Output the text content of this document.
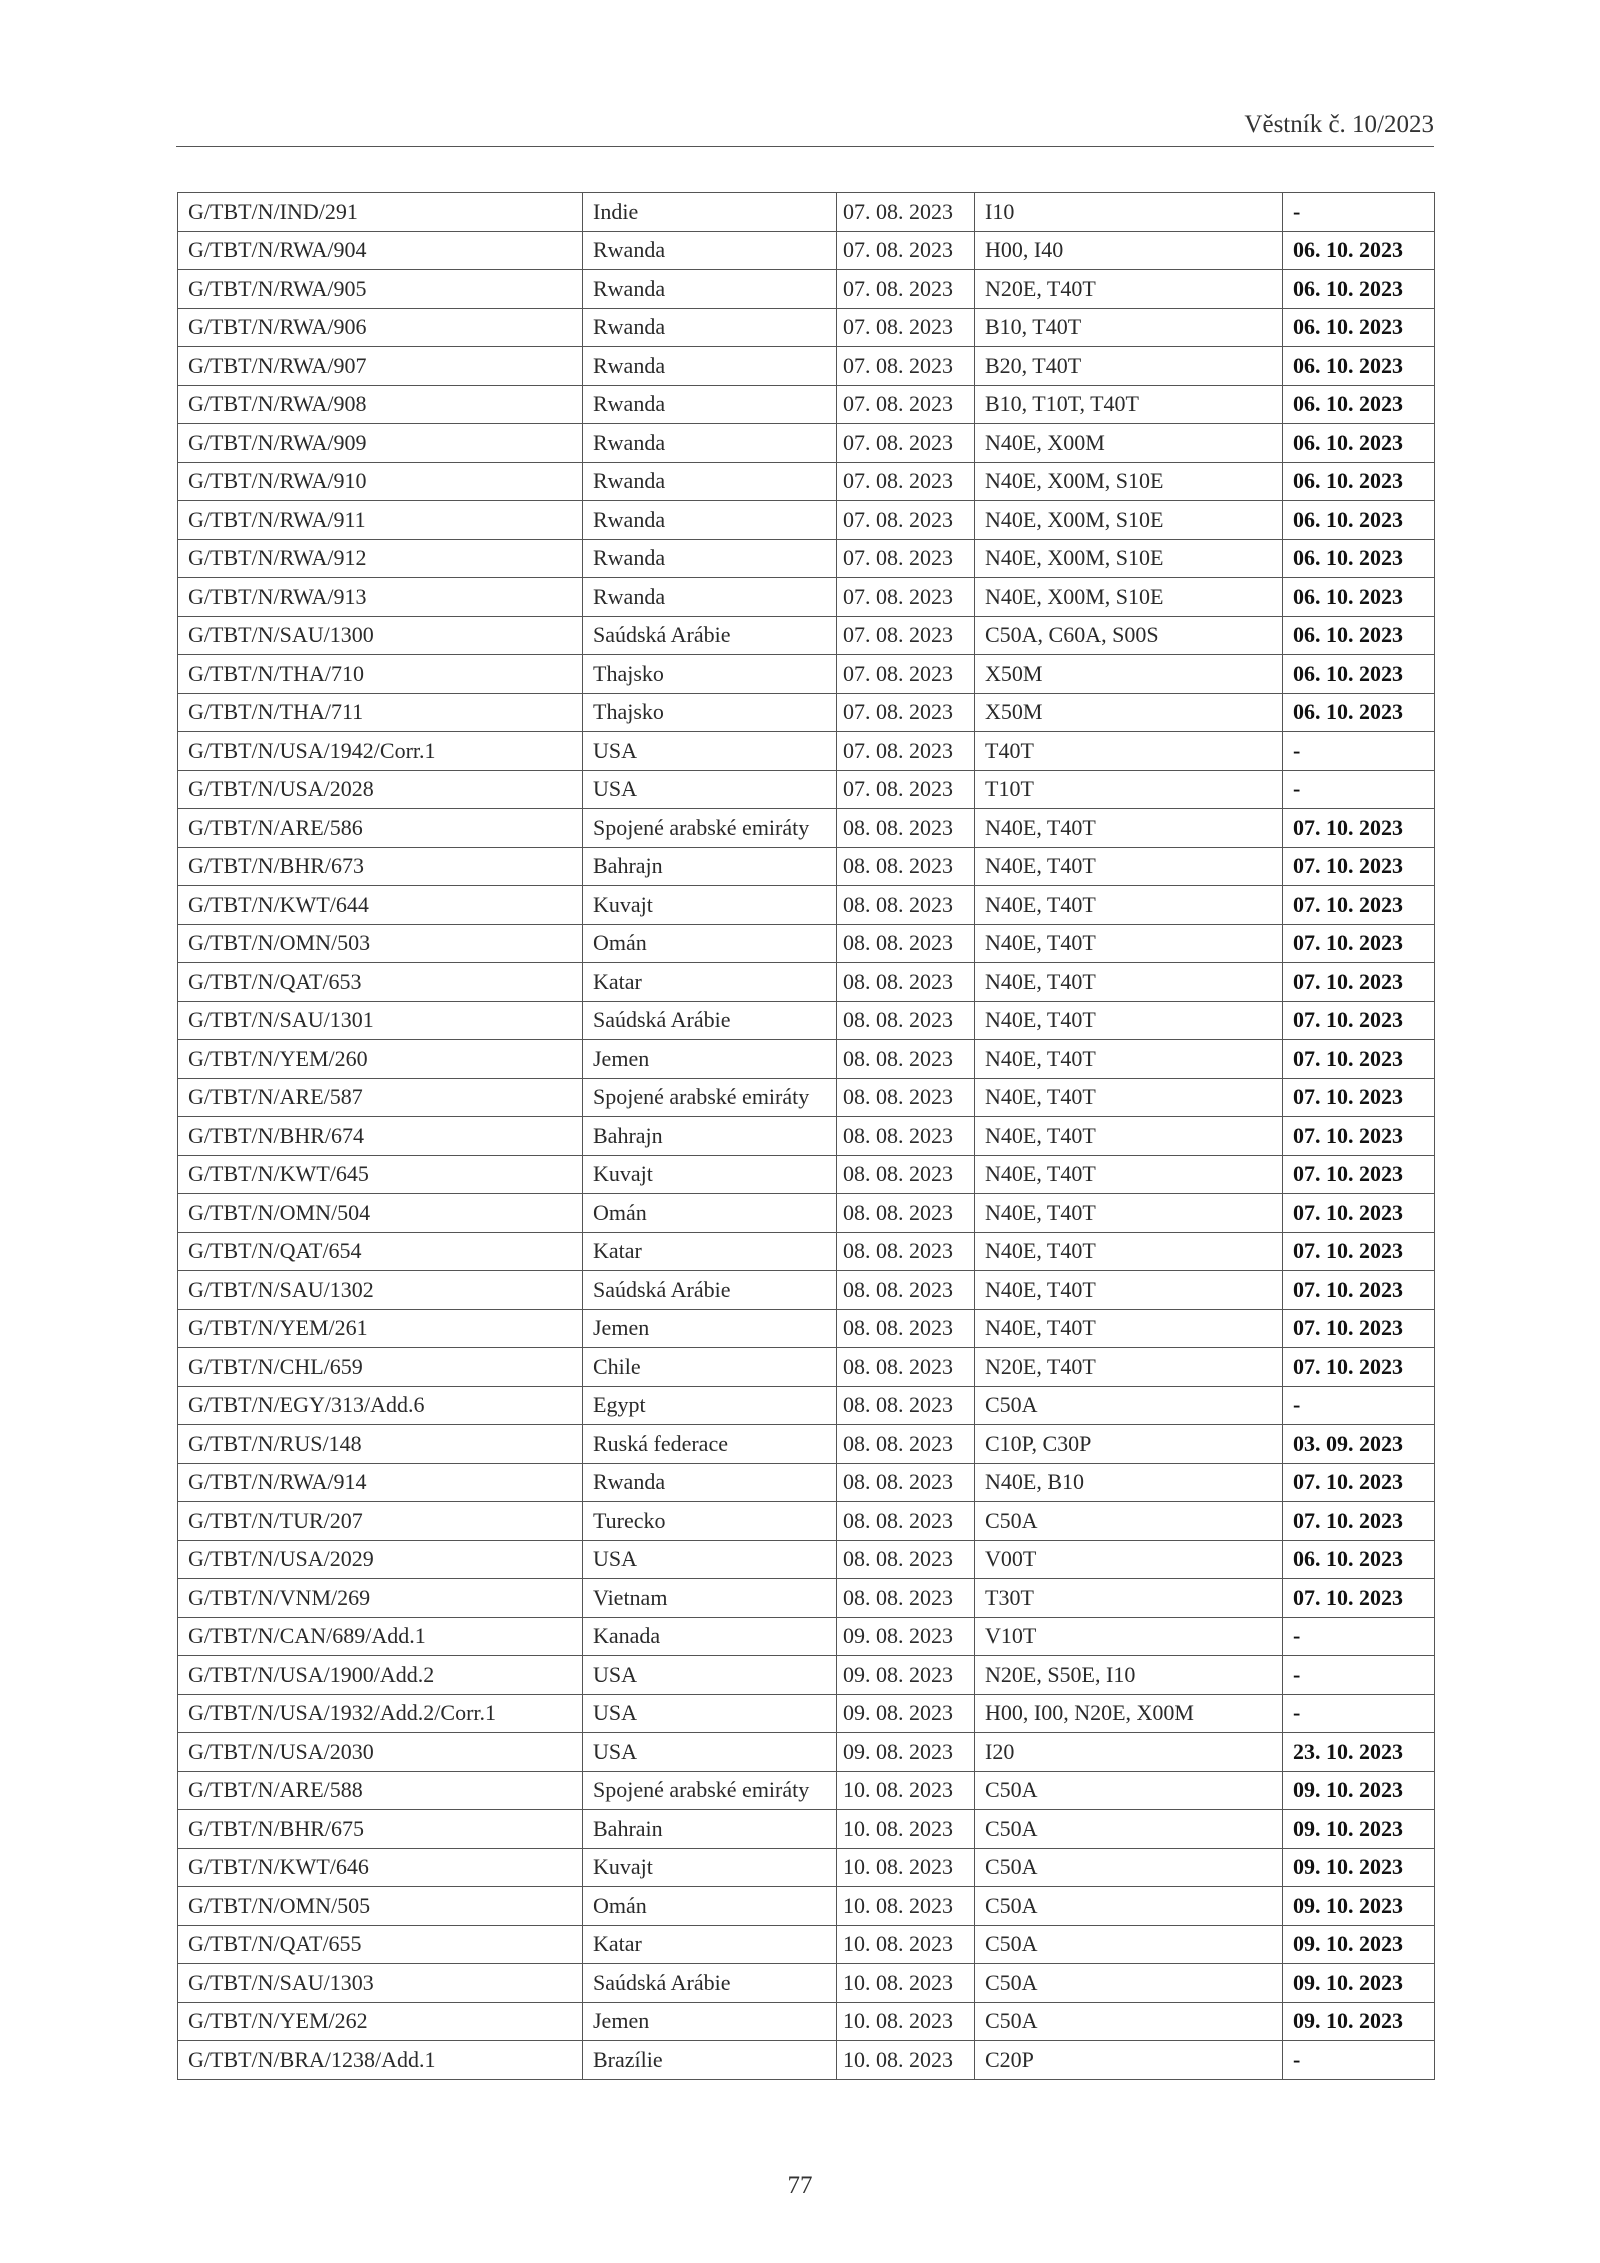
Věstník č. 10/2023
G/TBT/N/IND/291	Indie	07. 08. 2023	I10	-
G/TBT/N/RWA/904	Rwanda	07. 08. 2023	H00, I40	06. 10. 2023
G/TBT/N/RWA/905	Rwanda	07. 08. 2023	N20E, T40T	06. 10. 2023
G/TBT/N/RWA/906	Rwanda	07. 08. 2023	B10, T40T	06. 10. 2023
G/TBT/N/RWA/907	Rwanda	07. 08. 2023	B20, T40T	06. 10. 2023
G/TBT/N/RWA/908	Rwanda	07. 08. 2023	B10, T10T, T40T	06. 10. 2023
G/TBT/N/RWA/909	Rwanda	07. 08. 2023	N40E, X00M	06. 10. 2023
G/TBT/N/RWA/910	Rwanda	07. 08. 2023	N40E, X00M, S10E	06. 10. 2023
G/TBT/N/RWA/911	Rwanda	07. 08. 2023	N40E, X00M, S10E	06. 10. 2023
G/TBT/N/RWA/912	Rwanda	07. 08. 2023	N40E, X00M, S10E	06. 10. 2023
G/TBT/N/RWA/913	Rwanda	07. 08. 2023	N40E, X00M, S10E	06. 10. 2023
G/TBT/N/SAU/1300	Saúdská Arábie	07. 08. 2023	C50A, C60A, S00S	06. 10. 2023
G/TBT/N/THA/710	Thajsko	07. 08. 2023	X50M	06. 10. 2023
G/TBT/N/THA/711	Thajsko	07. 08. 2023	X50M	06. 10. 2023
G/TBT/N/USA/1942/Corr.1	USA	07. 08. 2023	T40T	-
G/TBT/N/USA/2028	USA	07. 08. 2023	T10T	-
G/TBT/N/ARE/586	Spojené arabské emiráty	08. 08. 2023	N40E, T40T	07. 10. 2023
G/TBT/N/BHR/673	Bahrajn	08. 08. 2023	N40E, T40T	07. 10. 2023
G/TBT/N/KWT/644	Kuvajt	08. 08. 2023	N40E, T40T	07. 10. 2023
G/TBT/N/OMN/503	Omán	08. 08. 2023	N40E, T40T	07. 10. 2023
G/TBT/N/QAT/653	Katar	08. 08. 2023	N40E, T40T	07. 10. 2023
G/TBT/N/SAU/1301	Saúdská Arábie	08. 08. 2023	N40E, T40T	07. 10. 2023
G/TBT/N/YEM/260	Jemen	08. 08. 2023	N40E, T40T	07. 10. 2023
G/TBT/N/ARE/587	Spojené arabské emiráty	08. 08. 2023	N40E, T40T	07. 10. 2023
G/TBT/N/BHR/674	Bahrajn	08. 08. 2023	N40E, T40T	07. 10. 2023
G/TBT/N/KWT/645	Kuvajt	08. 08. 2023	N40E, T40T	07. 10. 2023
G/TBT/N/OMN/504	Omán	08. 08. 2023	N40E, T40T	07. 10. 2023
G/TBT/N/QAT/654	Katar	08. 08. 2023	N40E, T40T	07. 10. 2023
G/TBT/N/SAU/1302	Saúdská Arábie	08. 08. 2023	N40E, T40T	07. 10. 2023
G/TBT/N/YEM/261	Jemen	08. 08. 2023	N40E, T40T	07. 10. 2023
G/TBT/N/CHL/659	Chile	08. 08. 2023	N20E, T40T	07. 10. 2023
G/TBT/N/EGY/313/Add.6	Egypt	08. 08. 2023	C50A	-
G/TBT/N/RUS/148	Ruská federace	08. 08. 2023	C10P, C30P	03. 09. 2023
G/TBT/N/RWA/914	Rwanda	08. 08. 2023	N40E, B10	07. 10. 2023
G/TBT/N/TUR/207	Turecko	08. 08. 2023	C50A	07. 10. 2023
G/TBT/N/USA/2029	USA	08. 08. 2023	V00T	06. 10. 2023
G/TBT/N/VNM/269	Vietnam	08. 08. 2023	T30T	07. 10. 2023
G/TBT/N/CAN/689/Add.1	Kanada	09. 08. 2023	V10T	-
G/TBT/N/USA/1900/Add.2	USA	09. 08. 2023	N20E, S50E, I10	-
G/TBT/N/USA/1932/Add.2/Corr.1	USA	09. 08. 2023	H00, I00, N20E, X00M	-
G/TBT/N/USA/2030	USA	09. 08. 2023	I20	23. 10. 2023
G/TBT/N/ARE/588	Spojené arabské emiráty	10. 08. 2023	C50A	09. 10. 2023
G/TBT/N/BHR/675	Bahrain	10. 08. 2023	C50A	09. 10. 2023
G/TBT/N/KWT/646	Kuvajt	10. 08. 2023	C50A	09. 10. 2023
G/TBT/N/OMN/505	Omán	10. 08. 2023	C50A	09. 10. 2023
G/TBT/N/QAT/655	Katar	10. 08. 2023	C50A	09. 10. 2023
G/TBT/N/SAU/1303	Saúdská Arábie	10. 08. 2023	C50A	09. 10. 2023
G/TBT/N/YEM/262	Jemen	10. 08. 2023	C50A	09. 10. 2023
G/TBT/N/BRA/1238/Add.1	Brazílie	10. 08. 2023	C20P	-
77
